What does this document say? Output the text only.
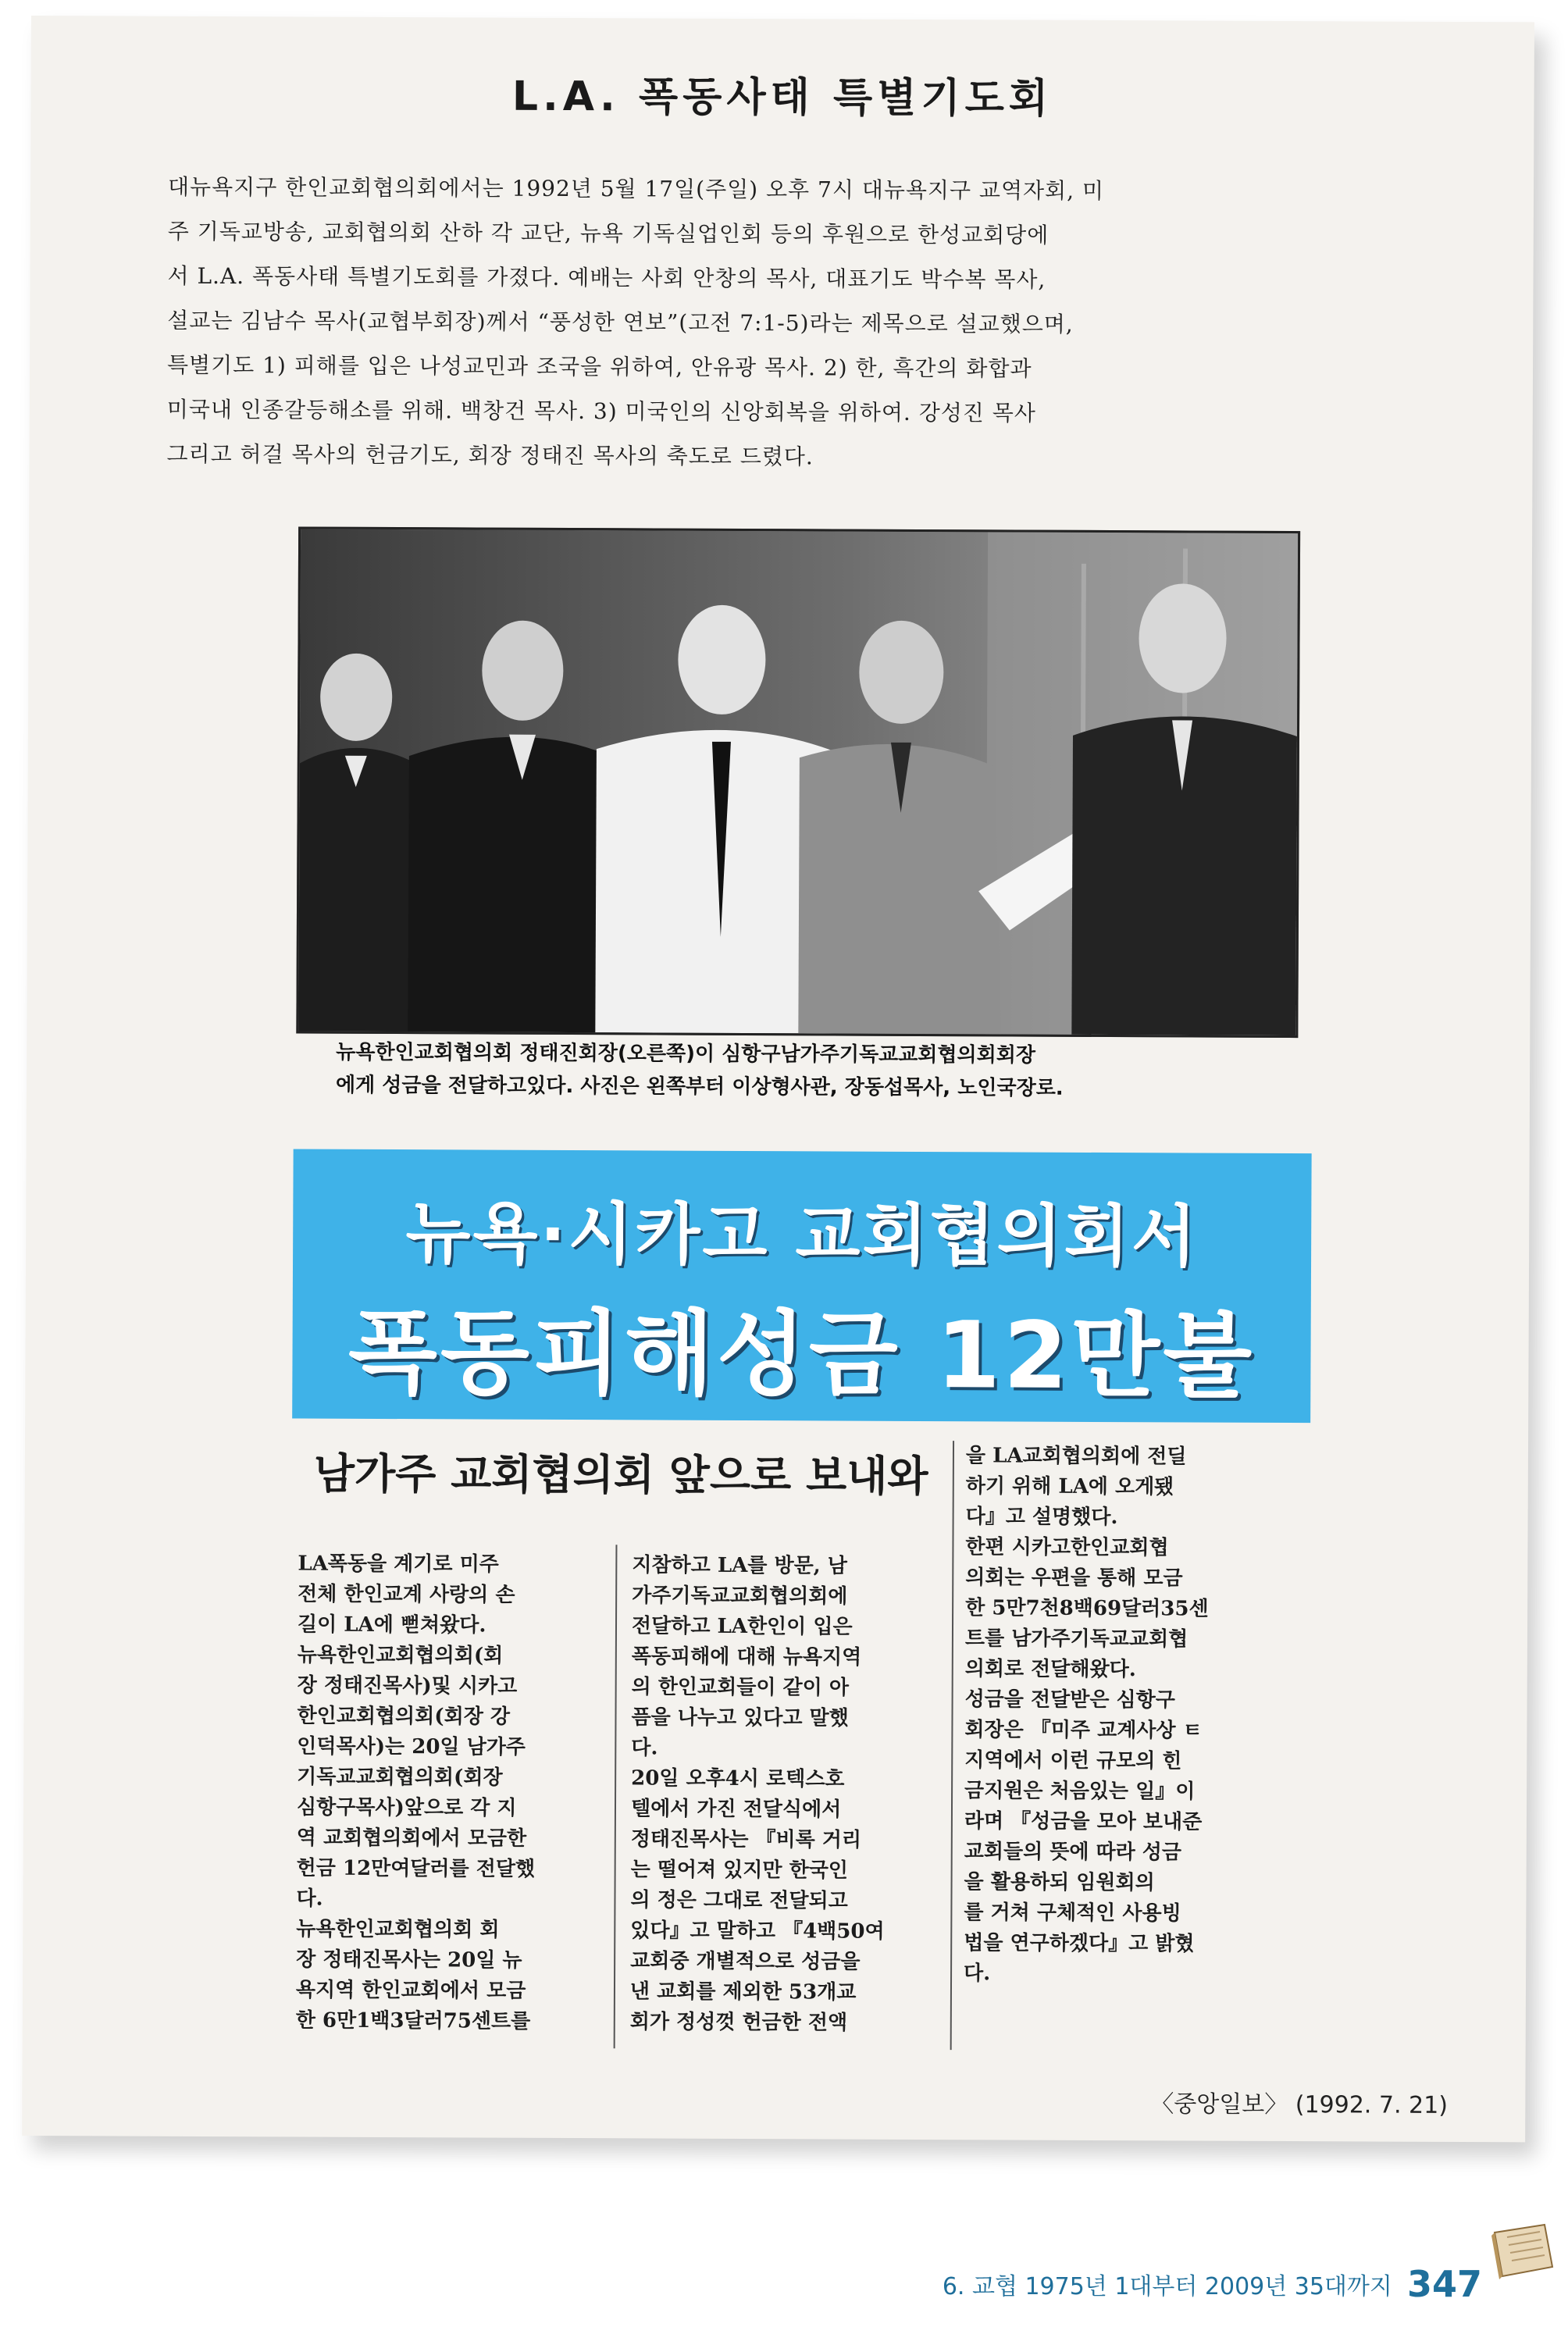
L.A. 폭동사태 특별기도회
대뉴욕지구 한인교회협의회에서는 1992년 5월 17일(주일) 오후 7시 대뉴욕지구 교역자회, 미
주 기독교방송, 교회협의회 산하 각 교단, 뉴욕 기독실업인회 등의 후원으로 한성교회당에
서 L.A. 폭동사태 특별기도회를 가졌다. 예배는 사회 안창의 목사, 대표기도 박수복 목사,
설교는 김남수 목사(교협부회장)께서 “풍성한 연보”(고전 7:1-5)라는 제목으로 설교했으며,
특별기도 1) 피해를 입은 나성교민과 조국을 위하여, 안유광 목사. 2) 한, 흑간의 화합과
미국내 인종갈등해소를 위해. 백창건 목사. 3) 미국인의 신앙회복을 위하여. 강성진 목사
그리고 허걸 목사의 헌금기도, 회장 정태진 목사의 축도로 드렸다.
뉴욕한인교회협의회 정태진회장(오른쪽)이 심항구남가주기독교교회협의회회장
에게 성금을 전달하고있다. 사진은 왼쪽부터 이상형사관, 장동섭목사, 노인국장로.
뉴욕·시카고 교회협의회서
폭동피해성금 12만불
남가주 교회협의회 앞으로 보내와
LA폭동을 계기로 미주
전체 한인교계 사랑의 손
길이 LA에 뻗쳐왔다.
뉴욕한인교회협의회(회
장 정태진목사)및 시카고
한인교회협의회(회장 강
인덕목사)는 20일 남가주
기독교교회협의회(회장
심항구목사)앞으로 각 지
역 교회협의회에서 모금한
헌금 12만여달러를 전달했
다.
뉴욕한인교회협의회 회
장 정태진목사는 20일 뉴
욕지역 한인교회에서 모금
한 6만1백3달러75센트를
지참하고 LA를 방문, 남
가주기독교교회협의회에
전달하고 LA한인이 입은
폭동피해에 대해 뉴욕지역
의 한인교회들이 같이 아
픔을 나누고 있다고 말했
다.
20일 오후4시 로텍스호
텔에서 가진 전달식에서
정태진목사는 『비록 거리
는 떨어져 있지만 한국인
의 정은 그대로 전달되고
있다』고 말하고 『4백50여
교회중 개별적으로 성금을
낸 교회를 제외한 53개교
회가 정성껏 헌금한 전액
을 LA교회협의회에 전딜
하기 위해 LA에 오게됐
다』고 설명했다.
한편 시카고한인교회협
의회는 우편을 통해 모금
한 5만7천8백69달러35센
트를 남가주기독교교회협
의회로 전달해왔다.
성금을 전달받은 심항구
회장은 『미주 교계사상 ㅌ
지역에서 이런 규모의 힌
금지원은 처음있는 일』이
라며 『성금을 모아 보내준
교회들의 뜻에 따라 성금
을 활용하되 임원회의
를 거쳐 구체적인 사용빙
법을 연구하겠다』고 밝혔
다.
〈중앙일보〉 (1992. 7. 21)
6. 교협 1975년 1대부터 2009년 35대까지 347
